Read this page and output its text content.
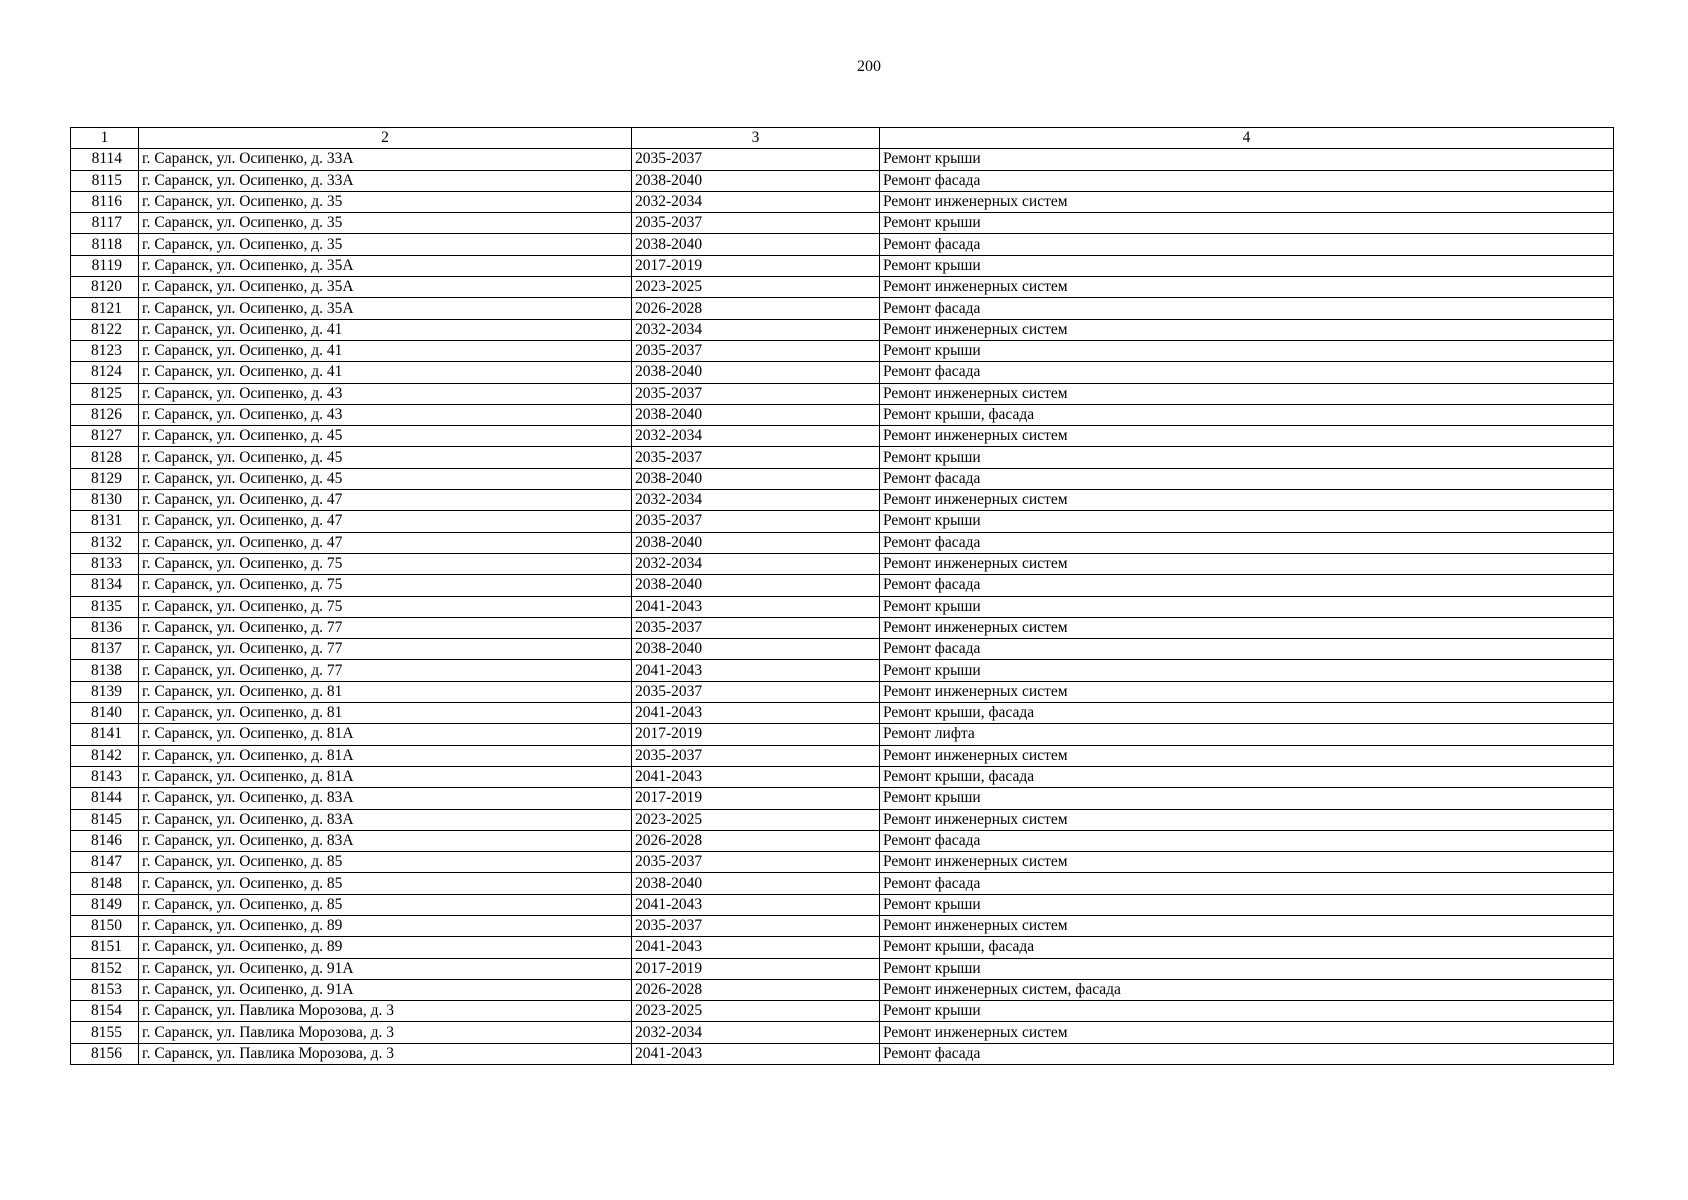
200
1	2	3	4
8114	г. Саранск, ул. Осипенко, д. 33А	2035-2037	Ремонт крыши
8115	г. Саранск, ул. Осипенко, д. 33А	2038-2040	Ремонт фасада
8116	г. Саранск, ул. Осипенко, д. 35	2032-2034	Ремонт инженерных систем
8117	г. Саранск, ул. Осипенко, д. 35	2035-2037	Ремонт крыши
8118	г. Саранск, ул. Осипенко, д. 35	2038-2040	Ремонт фасада
8119	г. Саранск, ул. Осипенко, д. 35А	2017-2019	Ремонт крыши
8120	г. Саранск, ул. Осипенко, д. 35А	2023-2025	Ремонт инженерных систем
8121	г. Саранск, ул. Осипенко, д. 35А	2026-2028	Ремонт фасада
8122	г. Саранск, ул. Осипенко, д. 41	2032-2034	Ремонт инженерных систем
8123	г. Саранск, ул. Осипенко, д. 41	2035-2037	Ремонт крыши
8124	г. Саранск, ул. Осипенко, д. 41	2038-2040	Ремонт фасада
8125	г. Саранск, ул. Осипенко, д. 43	2035-2037	Ремонт инженерных систем
8126	г. Саранск, ул. Осипенко, д. 43	2038-2040	Ремонт крыши, фасада
8127	г. Саранск, ул. Осипенко, д. 45	2032-2034	Ремонт инженерных систем
8128	г. Саранск, ул. Осипенко, д. 45	2035-2037	Ремонт крыши
8129	г. Саранск, ул. Осипенко, д. 45	2038-2040	Ремонт фасада
8130	г. Саранск, ул. Осипенко, д. 47	2032-2034	Ремонт инженерных систем
8131	г. Саранск, ул. Осипенко, д. 47	2035-2037	Ремонт крыши
8132	г. Саранск, ул. Осипенко, д. 47	2038-2040	Ремонт фасада
8133	г. Саранск, ул. Осипенко, д. 75	2032-2034	Ремонт инженерных систем
8134	г. Саранск, ул. Осипенко, д. 75	2038-2040	Ремонт фасада
8135	г. Саранск, ул. Осипенко, д. 75	2041-2043	Ремонт крыши
8136	г. Саранск, ул. Осипенко, д. 77	2035-2037	Ремонт инженерных систем
8137	г. Саранск, ул. Осипенко, д. 77	2038-2040	Ремонт фасада
8138	г. Саранск, ул. Осипенко, д. 77	2041-2043	Ремонт крыши
8139	г. Саранск, ул. Осипенко, д. 81	2035-2037	Ремонт инженерных систем
8140	г. Саранск, ул. Осипенко, д. 81	2041-2043	Ремонт крыши, фасада
8141	г. Саранск, ул. Осипенко, д. 81А	2017-2019	Ремонт лифта
8142	г. Саранск, ул. Осипенко, д. 81А	2035-2037	Ремонт инженерных систем
8143	г. Саранск, ул. Осипенко, д. 81А	2041-2043	Ремонт крыши, фасада
8144	г. Саранск, ул. Осипенко, д. 83А	2017-2019	Ремонт крыши
8145	г. Саранск, ул. Осипенко, д. 83А	2023-2025	Ремонт инженерных систем
8146	г. Саранск, ул. Осипенко, д. 83А	2026-2028	Ремонт фасада
8147	г. Саранск, ул. Осипенко, д. 85	2035-2037	Ремонт инженерных систем
8148	г. Саранск, ул. Осипенко, д. 85	2038-2040	Ремонт фасада
8149	г. Саранск, ул. Осипенко, д. 85	2041-2043	Ремонт крыши
8150	г. Саранск, ул. Осипенко, д. 89	2035-2037	Ремонт инженерных систем
8151	г. Саранск, ул. Осипенко, д. 89	2041-2043	Ремонт крыши, фасада
8152	г. Саранск, ул. Осипенко, д. 91А	2017-2019	Ремонт крыши
8153	г. Саранск, ул. Осипенко, д. 91А	2026-2028	Ремонт инженерных систем, фасада
8154	г. Саранск, ул. Павлика Морозова, д. 3	2023-2025	Ремонт крыши
8155	г. Саранск, ул. Павлика Морозова, д. 3	2032-2034	Ремонт инженерных систем
8156	г. Саранск, ул. Павлика Морозова, д. 3	2041-2043	Ремонт фасада
